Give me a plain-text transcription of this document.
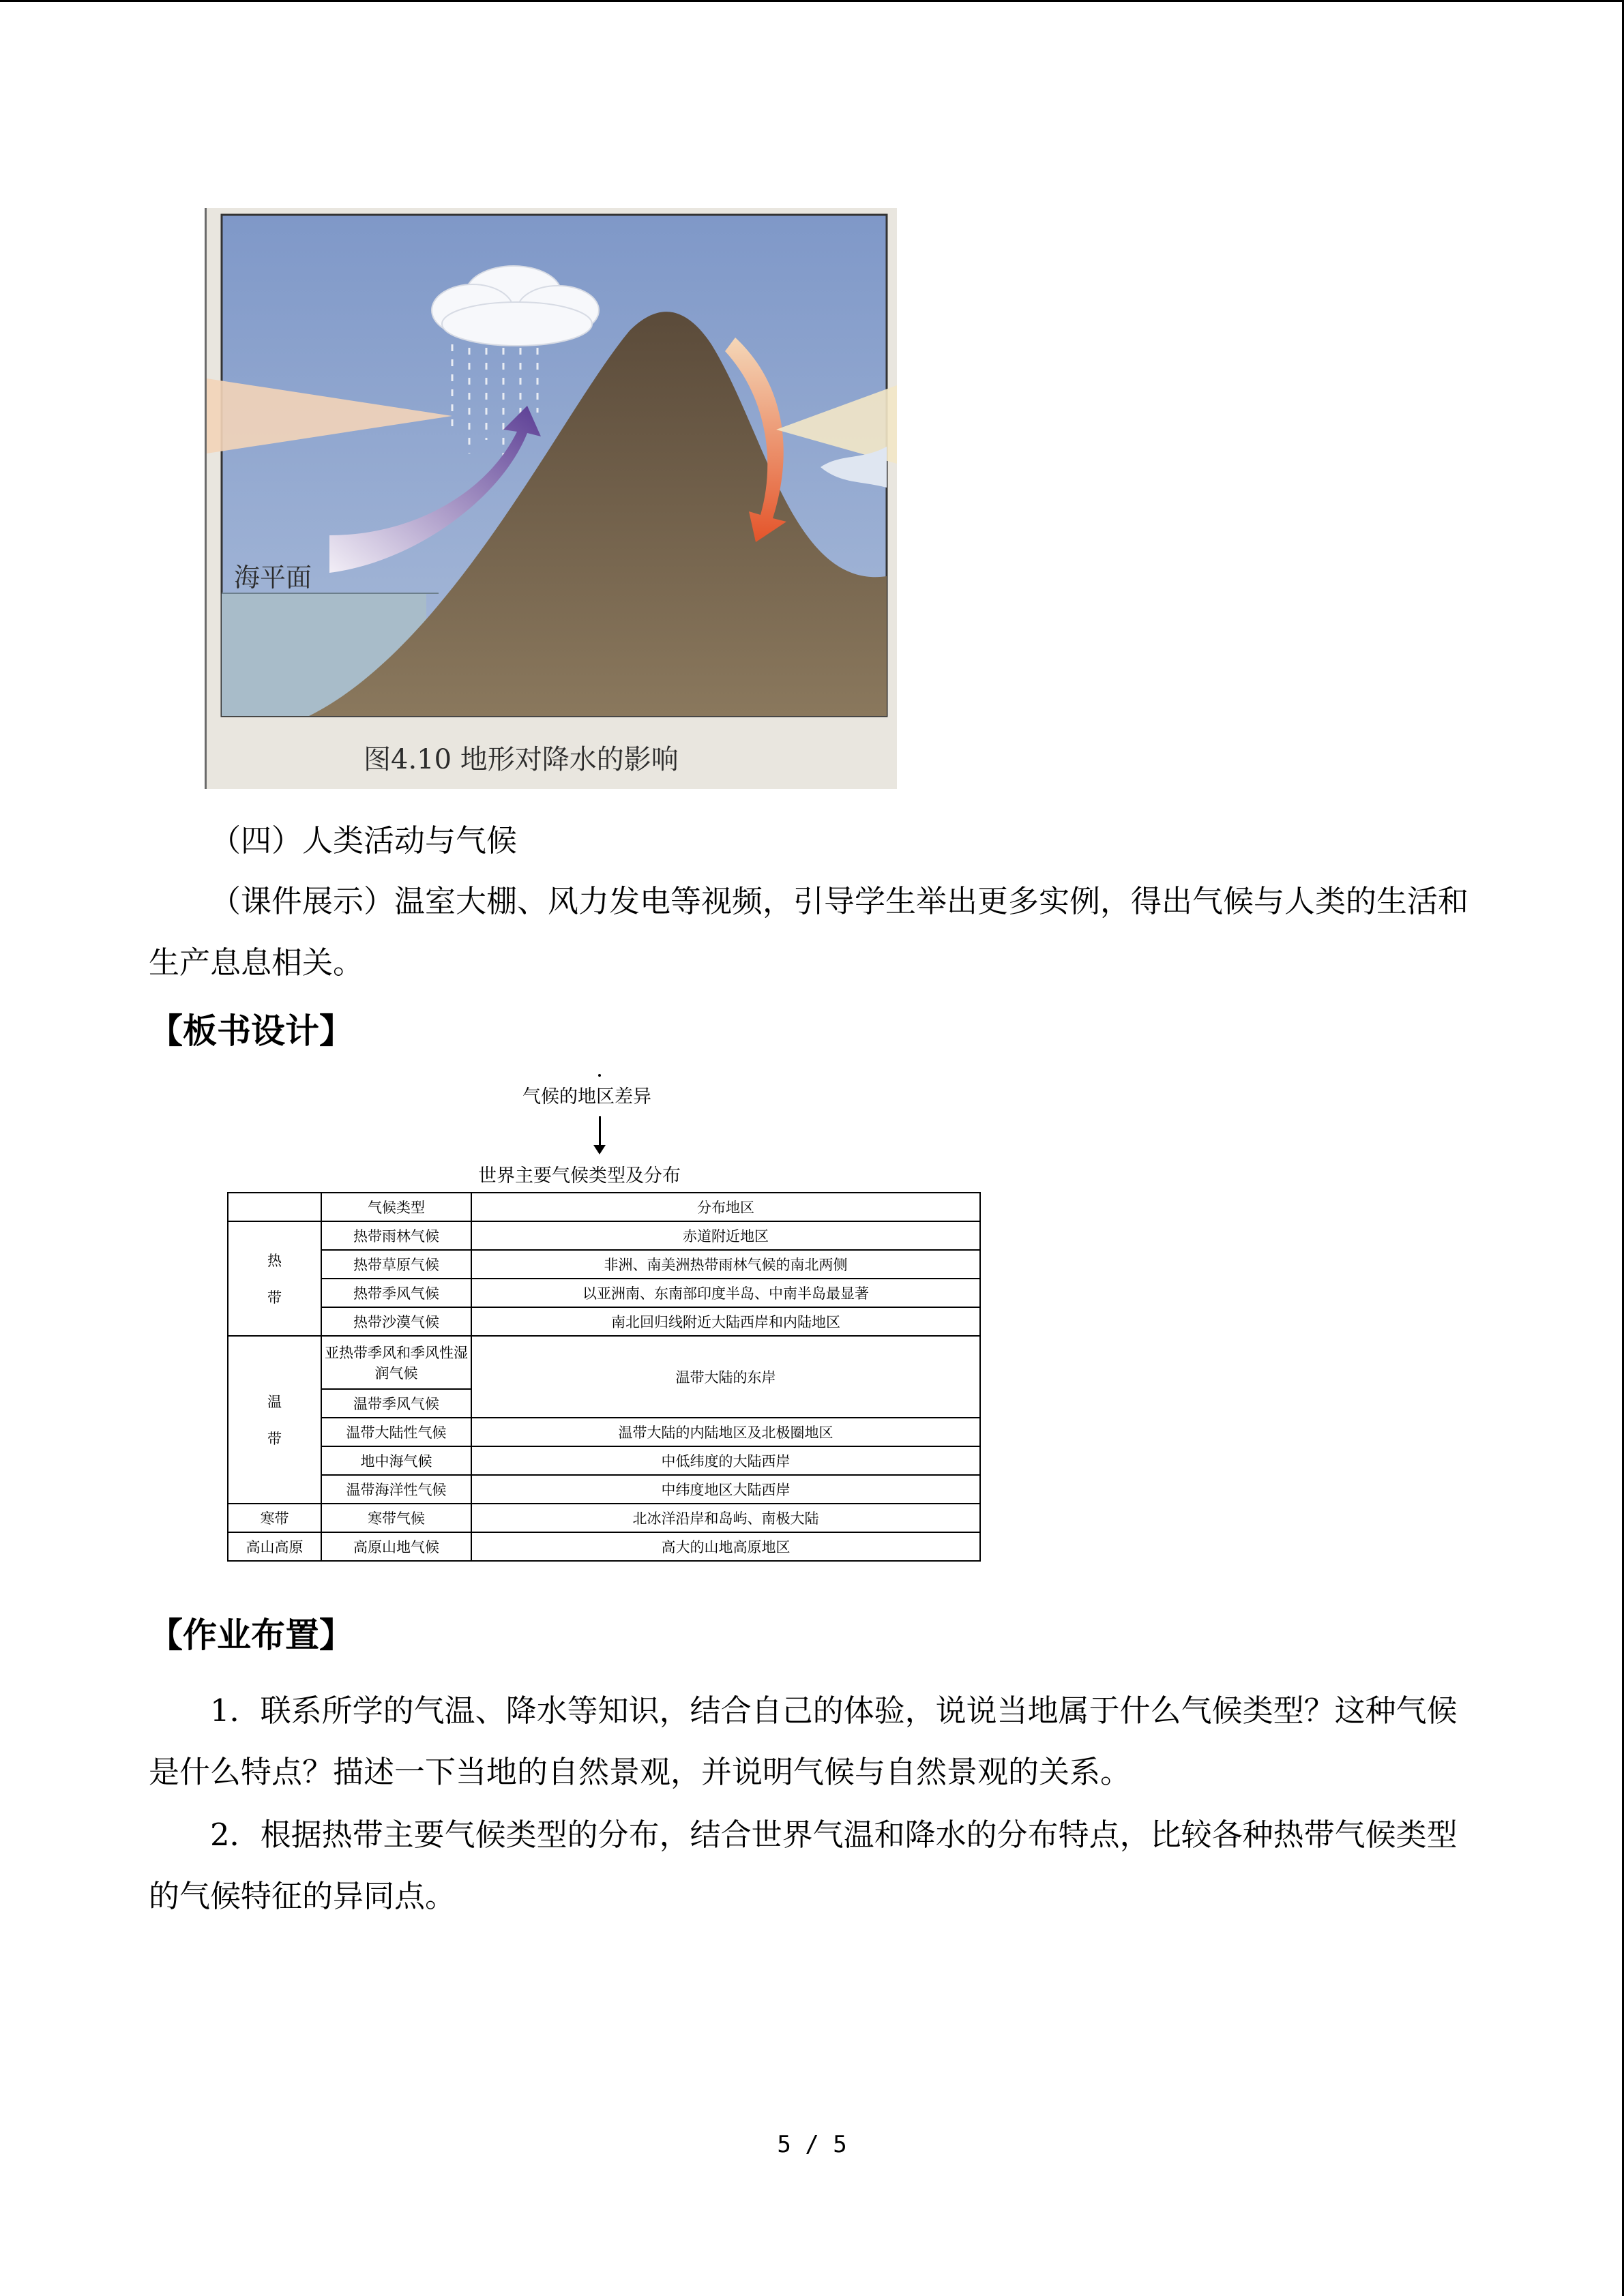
海平面
图4.10 地形对降水的影响
（四）人类活动与气候
（课件展示）温室大棚、风力发电等视频，引导学生举出更多实例，得出气候与人类的生活和生产息息相关。
【板书设计】
气候的地区差异
世界主要气候类型及分布
	气候类型	分布地区
热

带	热带雨林气候	赤道附近地区
	热带草原气候	非洲、南美洲热带雨林气候的南北两侧
	热带季风气候	以亚洲南、东南部印度半岛、中南半岛最显著
	热带沙漠气候	南北回归线附近大陆西岸和内陆地区
温

带	亚热带季风和季风性湿润气候	温带大陆的东岸
	温带季风气候	
	温带大陆性气候	温带大陆的内陆地区及北极圈地区
	地中海气候	中低纬度的大陆西岸
	温带海洋性气候	中纬度地区大陆西岸
寒带	寒带气候	北冰洋沿岸和岛屿、南极大陆
高山高原	高原山地气候	高大的山地高原地区
【作业布置】
1．联系所学的气温、降水等知识，结合自己的体验，说说当地属于什么气候类型？这种气候是什么特点？描述一下当地的自然景观，并说明气候与自然景观的关系。
2．根据热带主要气候类型的分布，结合世界气温和降水的分布特点，比较各种热带气候类型的气候特征的异同点。
5 / 5
